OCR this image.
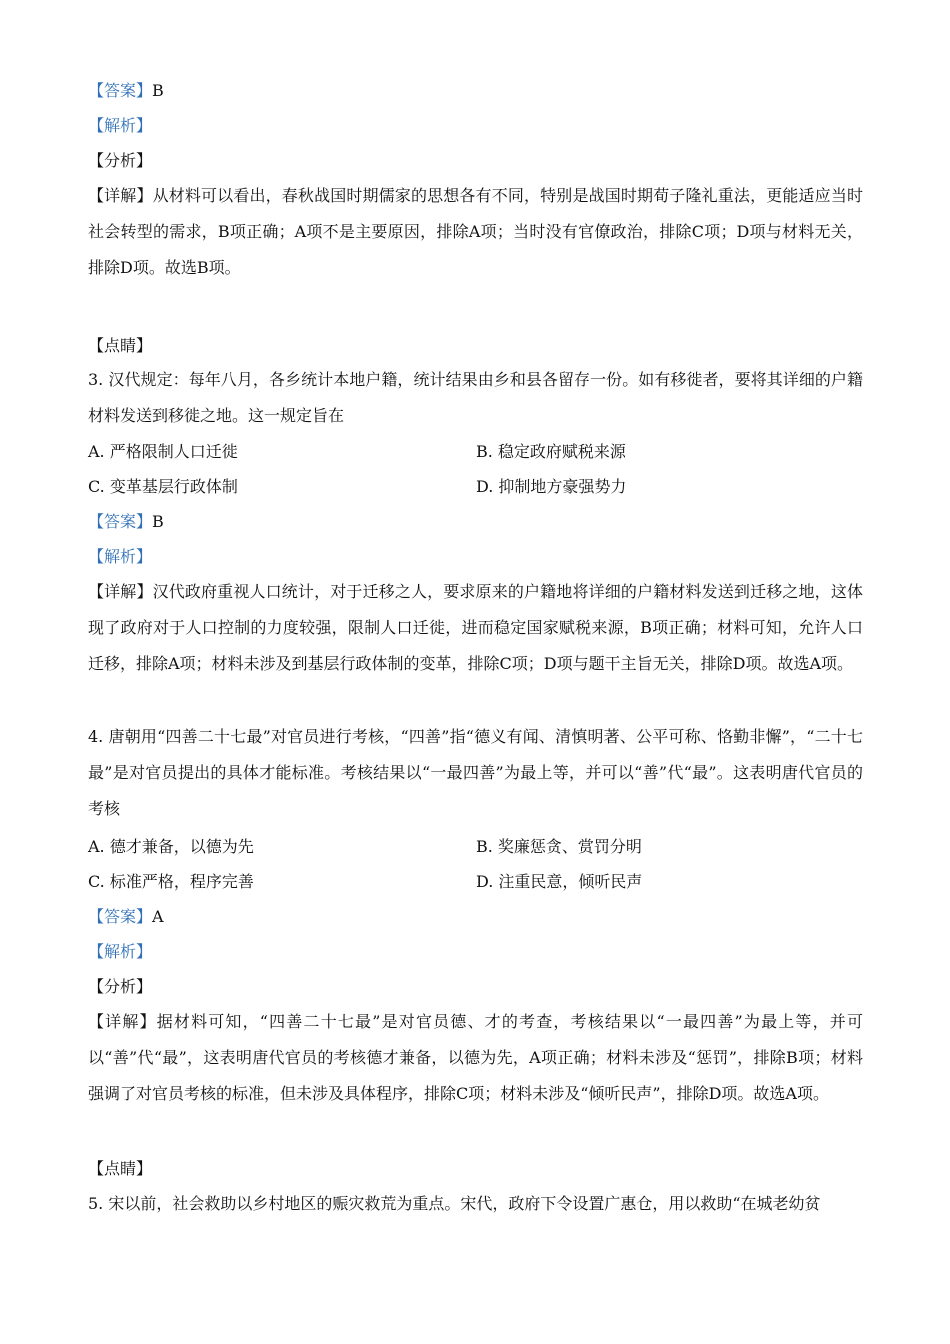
【答案】B
【解析】
【分析】
【详解】从材料可以看出，春秋战国时期儒家的思想各有不同，特别是战国时期荀子隆礼重法，更能适应当时社会转型的需求，B项正确；A项不是主要原因，排除A项；当时没有官僚政治，排除C项；D项与材料无关，排除D项。故选B项。
【点睛】
3. 汉代规定：每年八月，各乡统计本地户籍，统计结果由乡和县各留存一份。如有移徙者，要将其详细的户籍材料发送到移徙之地。这一规定旨在
A. 严格限制人口迁徙	B. 稳定政府赋税来源
C. 变革基层行政体制	D. 抑制地方豪强势力
【答案】B
【解析】
【详解】汉代政府重视人口统计，对于迁移之人，要求原来的户籍地将详细的户籍材料发送到迁移之地，这体现了政府对于人口控制的力度较强，限制人口迁徙，进而稳定国家赋税来源，B项正确；材料可知，允许人口迁移，排除A项；材料未涉及到基层行政体制的变革，排除C项；D项与题干主旨无关，排除D项。故选A项。
4. 唐朝用“四善二十七最”对官员进行考核，“四善”指“德义有闻、清慎明著、公平可称、恪勤非懈”，“二十七最”是对官员提出的具体才能标准。考核结果以“一最四善”为最上等，并可以“善”代“最”。这表明唐代官员的考核
A. 德才兼备，以德为先	B. 奖廉惩贪、赏罚分明
C. 标准严格，程序完善	D. 注重民意，倾听民声
【答案】A
【解析】
【分析】
【详解】据材料可知，“四善二十七最”是对官员德、才的考查，考核结果以“一最四善”为最上等，并可以“善”代“最”，这表明唐代官员的考核德才兼备，以德为先，A项正确；材料未涉及“惩罚”，排除B项；材料强调了对官员考核的标准，但未涉及具体程序，排除C项；材料未涉及“倾听民声”，排除D项。故选A项。
【点睛】
5. 宋以前，社会救助以乡村地区的赈灾救荒为重点。宋代，政府下令设置广惠仓，用以救助“在城老幼贫
